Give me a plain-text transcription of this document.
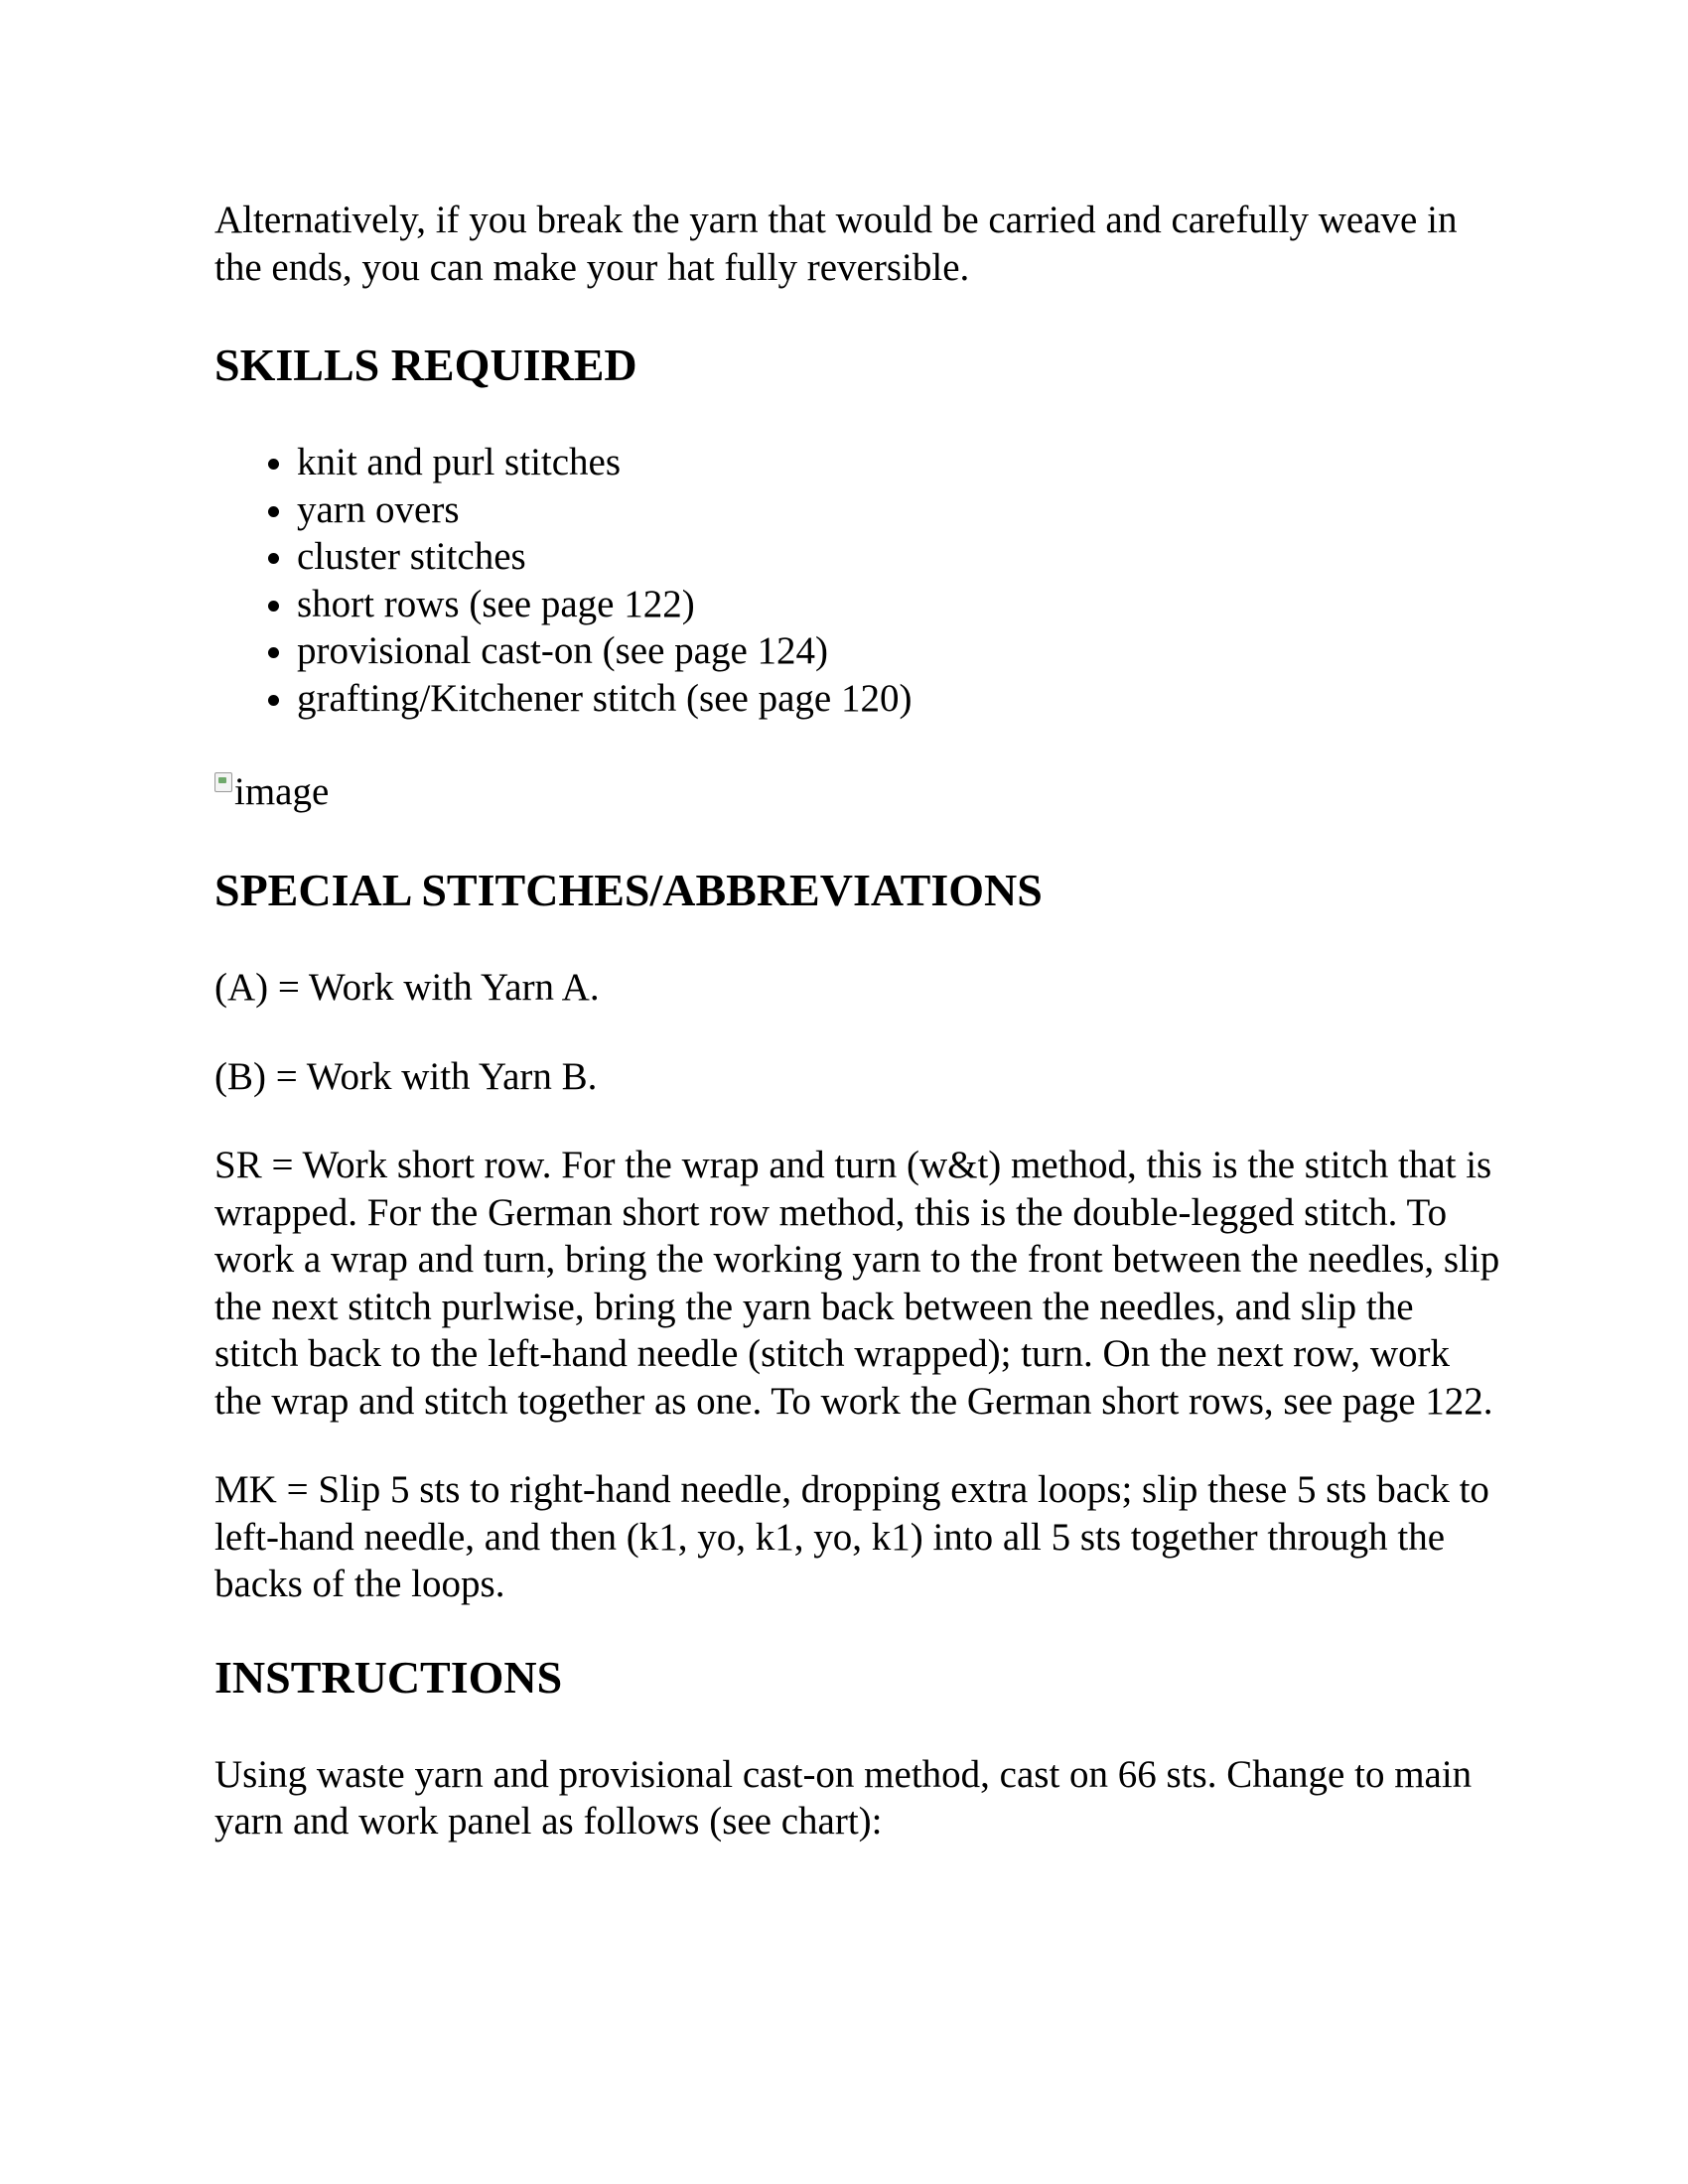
Alternatively, if you break the yarn that would be carried and carefully weave in the ends, you can make your hat fully reversible.

SKILLS REQUIRED
• knit and purl stitches
• yarn overs
• cluster stitches
• short rows (see page 122)
• provisional cast-on (see page 124)
• grafting/Kitchener stitch (see page 120)
image
SPECIAL STITCHES/ABBREVIATIONS

(A) = Work with Yarn A.

(B) = Work with Yarn B.

SR = Work short row. For the wrap and turn (w&t) method, this is the stitch that is wrapped. For the German short row method, this is the double-legged stitch. To work a wrap and turn, bring the working yarn to the front between the needles, slip the next stitch purlwise, bring the yarn back between the needles, and slip the stitch back to the left-hand needle (stitch wrapped); turn. On the next row, work the wrap and stitch together as one. To work the German short rows, see page 122.

MK = Slip 5 sts to right-hand needle, dropping extra loops; slip these 5 sts back to left-hand needle, and then (k1, yo, k1, yo, k1) into all 5 sts together through the backs of the loops.

INSTRUCTIONS

Using waste yarn and provisional cast-on method, cast on 66 sts. Change to main yarn and work panel as follows (see chart):
